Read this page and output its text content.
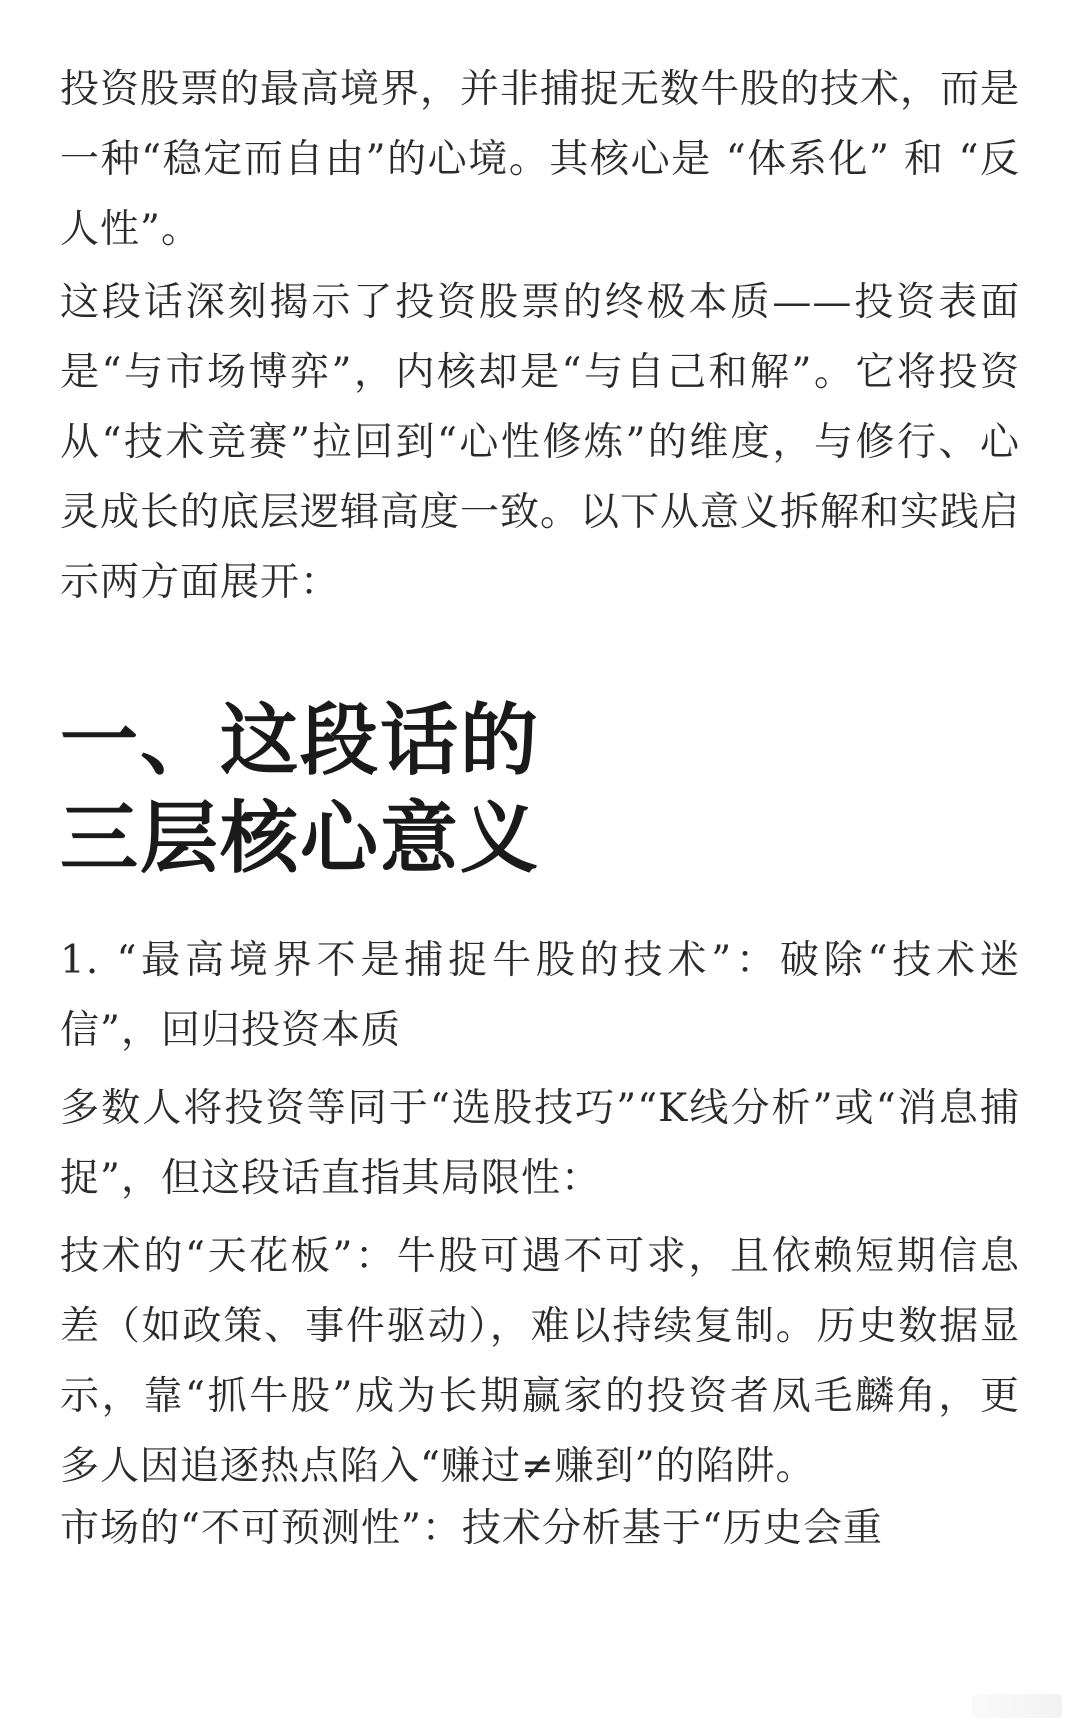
投资股票的最高境界，并非捕捉无数牛股的技术，而是一种“稳定而自由”的心境。其核心是 “体系化” 和 “反人性”。

这段话深刻揭示了投资股票的终极本质——投资表面是“与市场博弈”，内核却是“与自己和解”。它将投资从“技术竞赛”拉回到“心性修炼”的维度，与修行、心灵成长的底层逻辑高度一致。以下从意义拆解和实践启示两方面展开：

一、这段话的
三层核心意义

1. “最高境界不是捕捉牛股的技术”：破除“技术迷信”，回归投资本质

多数人将投资等同于“选股技巧”“K线分析”或“消息捕捉”，但这段话直指其局限性：

技术的“天花板”：牛股可遇不可求，且依赖短期信息差（如政策、事件驱动），难以持续复制。历史数据显示，靠“抓牛股”成为长期赢家的投资者凤毛麟角，更多人因追逐热点陷入“赚过≠赚到”的陷阱。

市场的“不可预测性”：技术分析基于“历史会重
